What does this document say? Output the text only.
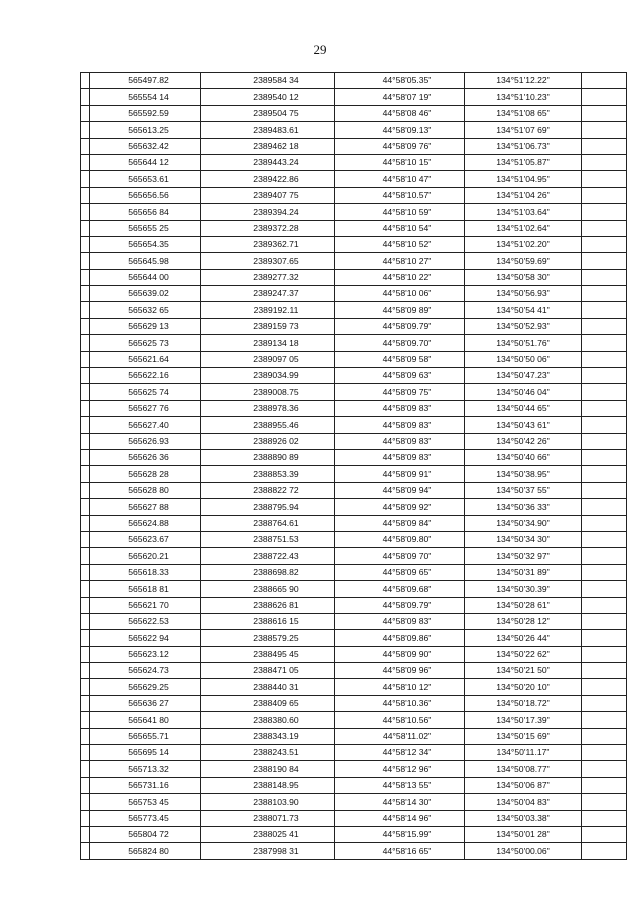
29
	565497.82	2389584 34	44°58'05.35"	134°51'12.22"	
	565554 14	2389540 12	44°58'07 19"	134°51'10.23"	
	565592.59	2389504 75	44°58'08 46"	134°51'08 65"	
	565613.25	2389483.61	44°58'09.13"	134°51'07 69"	
	565632.42	2389462 18	44°58'09 76"	134°51'06.73"	
	565644 12	2389443.24	44°58'10 15"	134°51'05.87"	
	565653.61	2389422.86	44°58'10 47"	134°51'04.95"	
	565656.56	2389407 75	44°58'10.57"	134°51'04 26"	
	565656 84	2389394.24	44°58'10 59"	134°51'03.64"	
	565655 25	2389372.28	44°58'10 54"	134°51'02.64"	
	565654.35	2389362.71	44°58'10 52"	134°51'02.20"	
	565645.98	2389307.65	44°58'10 27"	134°50'59.69"	
	565644 00	2389277.32	44°58'10 22"	134°50'58 30"	
	565639.02	2389247.37	44°58'10 06"	134°50'56.93"	
	565632 65	2389192.11	44°58'09 89"	134°50'54 41"	
	565629 13	2389159 73	44°58'09.79"	134°50'52.93"	
	565625 73	2389134 18	44°58'09.70"	134°50'51.76"	
	565621.64	2389097 05	44°58'09 58"	134°50'50 06"	
	565622.16	2389034.99	44°58'09 63"	134°50'47.23"	
	565625 74	2389008.75	44°58'09 75"	134°50'46 04"	
	565627 76	2388978.36	44°58'09 83"	134°50'44 65"	
	565627.40	2388955.46	44°58'09 83"	134°50'43 61"	
	565626.93	2388926 02	44°58'09 83"	134°50'42 26"	
	565626 36	2388890 89	44°58'09 83"	134°50'40 66"	
	565628 28	2388853.39	44°58'09 91"	134°50'38.95"	
	565628 80	2388822 72	44°58'09 94"	134°50'37 55"	
	565627 88	2388795.94	44°58'09 92"	134°50'36 33"	
	565624.88	2388764.61	44°58'09 84"	134°50'34.90"	
	565623.67	2388751.53	44°58'09.80"	134°50'34 30"	
	565620.21	2388722.43	44°58'09 70"	134°50'32 97"	
	565618.33	2388698.82	44°58'09 65"	134°50'31 89"	
	565618 81	2388665 90	44°58'09.68"	134°50'30.39"	
	565621 70	2388626 81	44°58'09.79"	134°50'28 61"	
	565622.53	2388616 15	44°58'09 83"	134°50'28 12"	
	565622 94	2388579.25	44°58'09.86"	134°50'26 44"	
	565623.12	2388495 45	44°58'09 90"	134°50'22 62"	
	565624.73	2388471 05	44°58'09 96"	134°50'21 50"	
	565629.25	2388440 31	44°58'10 12"	134°50'20 10"	
	565636 27	2388409 65	44°58'10.36"	134°50'18.72"	
	565641 80	2388380.60	44°58'10.56"	134°50'17.39"	
	565655.71	2388343.19	44°58'11.02"	134°50'15 69"	
	565695 14	2388243.51	44°58'12 34"	134°50'11.17"	
	565713.32	2388190 84	44°58'12 96"	134°50'08.77"	
	565731.16	2388148.95	44°58'13 55"	134°50'06 87"	
	565753 45	2388103.90	44°58'14 30"	134°50'04 83"	
	565773.45	2388071.73	44°58'14 96"	134°50'03.38"	
	565804 72	2388025 41	44°58'15.99"	134°50'01 28"	
	565824 80	2387998 31	44°58'16 65"	134°50'00.06"	
